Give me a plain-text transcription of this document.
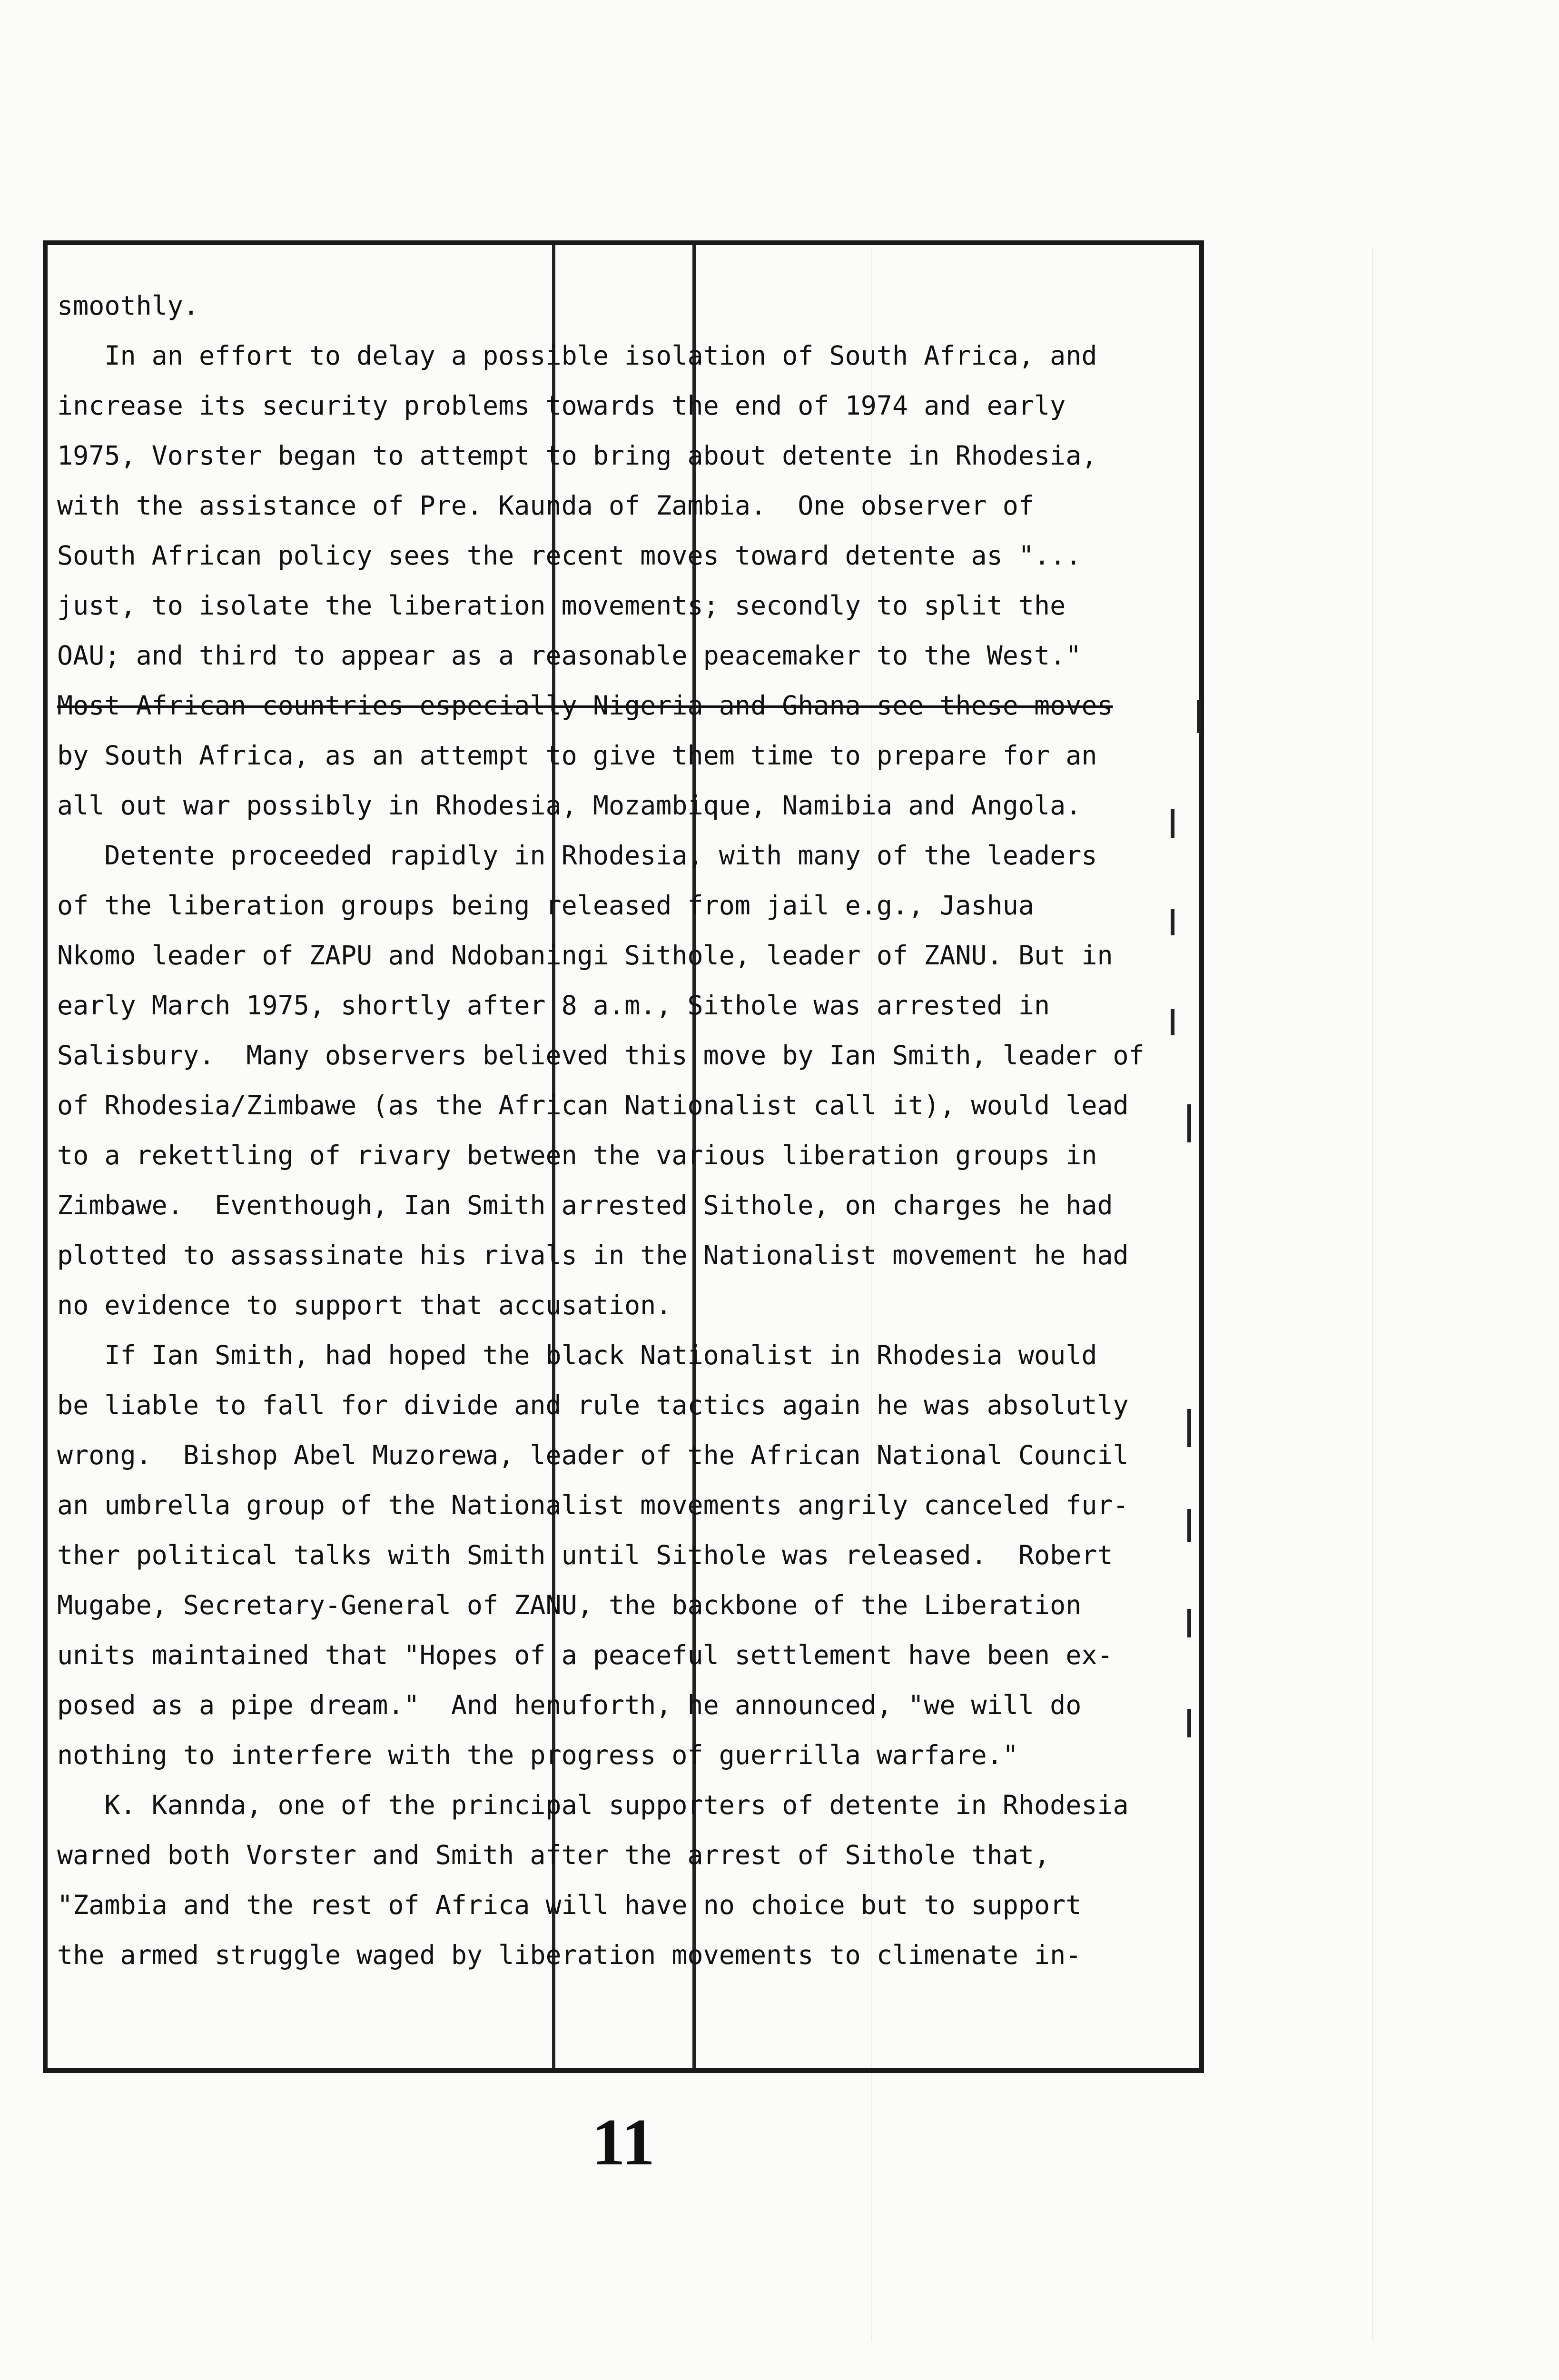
smoothly.
In an effort to delay a possible isolation of South Africa, and
increase its security problems towards the end of 1974 and early
1975, Vorster began to attempt to bring about detente in Rhodesia,
with the assistance of Pre. Kaunda of Zambia.  One observer of
South African policy sees the recent moves toward detente as "...
just, to isolate the liberation movements; secondly to split the
OAU; and third to appear as a reasonable peacemaker to the West."
Most African countries especially Nigeria and Ghana see these moves
by South Africa, as an attempt to give them time to prepare for an
all out war possibly in Rhodesia, Mozambique, Namibia and Angola.
Detente proceeded rapidly in Rhodesia, with many of the leaders
of the liberation groups being released from jail e.g., Jashua
Nkomo leader of ZAPU and Ndobaningi Sithole, leader of ZANU. But in
early March 1975, shortly after 8 a.m., Sithole was arrested in
Salisbury.  Many observers believed this move by Ian Smith, leader of
of Rhodesia/Zimbawe (as the African Nationalist call it), would lead
to a rekettling of rivary between the various liberation groups in
Zimbawe.  Eventhough, Ian Smith arrested Sithole, on charges he had
plotted to assassinate his rivals in the Nationalist movement he had
no evidence to support that accusation.
If Ian Smith, had hoped the black Nationalist in Rhodesia would
be liable to fall for divide and rule tactics again he was absolutly
wrong.  Bishop Abel Muzorewa, leader of the African National Council
an umbrella group of the Nationalist movements angrily canceled fur-
ther political talks with Smith until Sithole was released.  Robert
Mugabe, Secretary-General of ZANU, the backbone of the Liberation
units maintained that "Hopes of a peaceful settlement have been ex-
posed as a pipe dream."  And henuforth, he announced, "we will do
nothing to interfere with the progress of guerrilla warfare."
K. Kannda, one of the principal supporters of detente in Rhodesia
warned both Vorster and Smith after the arrest of Sithole that,
"Zambia and the rest of Africa will have no choice but to support
the armed struggle waged by liberation movements to climenate in-
11
